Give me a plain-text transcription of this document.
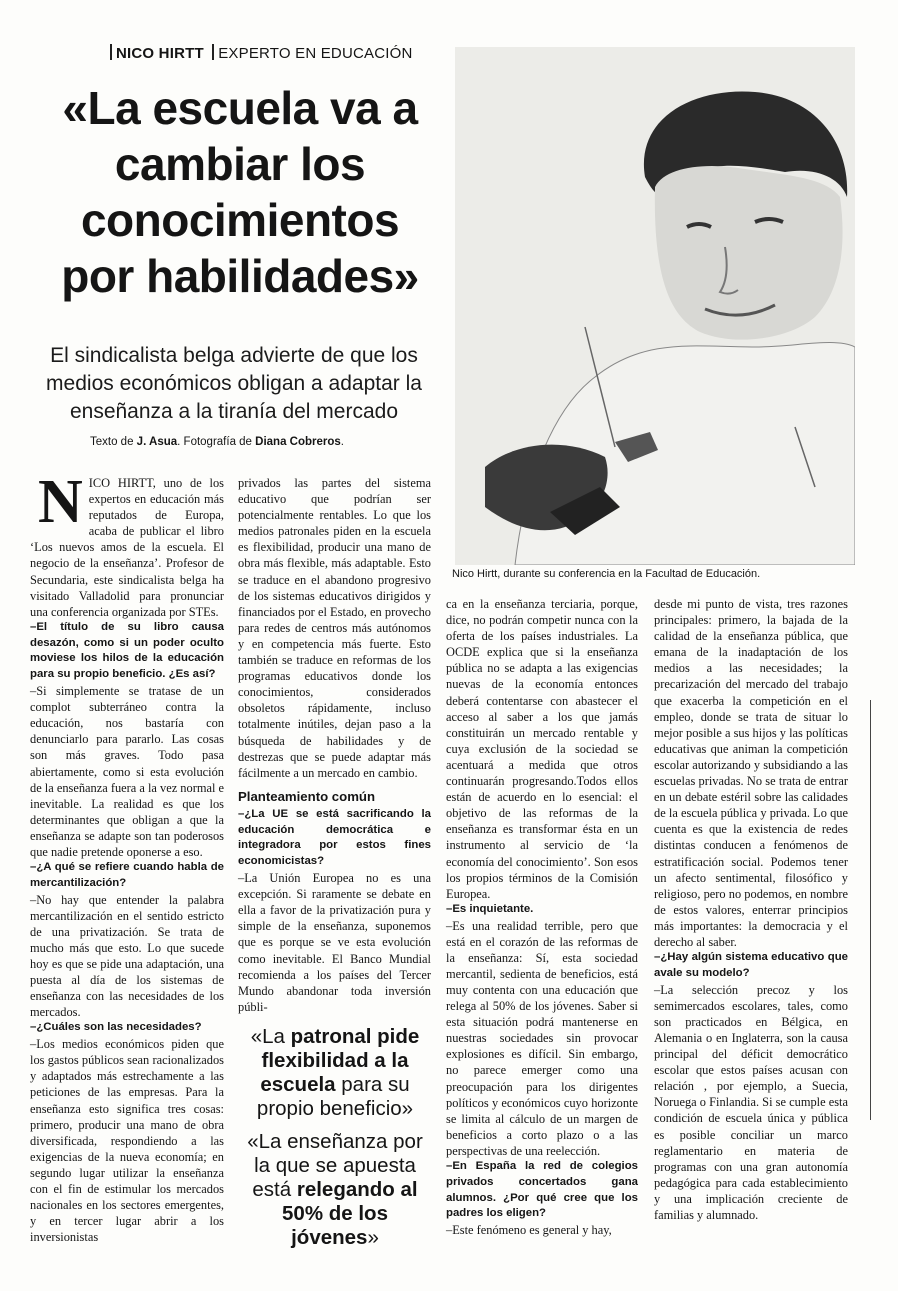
NICO HIRTT EXPERTO EN EDUCACIÓN
«La escuela va a cambiar los conocimientos por habilidades»
El sindicalista belga advierte de que los medios económicos obligan a adaptar la enseñanza a la tiranía del mercado
Texto de J. Asua. Fotografía de Diana Cobreros.
Nico Hirtt, durante su conferencia en la Facultad de Educación.
N ICO HIRTT, uno de los expertos en educación más reputados de Europa, acaba de publicar el libro ‘Los nuevos amos de la escuela. El negocio de la enseñanza’. Profesor de Secundaria, este sindicalista belga ha visitado Valladolid para pronunciar una conferencia organizada por STEs.

–El título de su libro causa desazón, como si un poder oculto moviese los hilos de la educación para su propio beneficio. ¿Es así?

–Si simplemente se tratase de un complot subterráneo contra la educación, nos bastaría con denunciarlo para pararlo. Las cosas son más graves. Todo pasa abiertamente, como si esta evolución de la enseñanza fuera a la vez normal e inevitable. La realidad es que los determinantes que obligan a que la enseñanza se adapte son tan poderosos que nadie pretende oponerse a eso.

–¿A qué se refiere cuando habla de mercantilización?

–No hay que entender la palabra mercantilización en el sentido estricto de una privatización. Se trata de mucho más que esto. Lo que sucede hoy es que se pide una adaptación, una puesta al día de los sistemas de enseñanza con las necesidades de los mercados.

–¿Cuáles son las necesidades?

–Los medios económicos piden que los gastos públicos sean racionalizados y adaptados más estrechamente a las peticiones de las empresas. Para la enseñanza esto significa tres cosas: primero, producir una mano de obra diversificada, respondiendo a las exigencias de la nueva economía; en segundo lugar utilizar la enseñanza con el fin de estimular los mercados nacionales en los sectores emergentes, y en tercer lugar abrir a los inversionistas

privados las partes del sistema educativo que podrían ser potencialmente rentables. Lo que los medios patronales piden en la escuela es flexibilidad, producir una mano de obra más flexible, más adaptable. Esto se traduce en el abandono progresivo de los sistemas educativos dirigidos y financiados por el Estado, en provecho para redes de centros más autónomos y en competencia más fuerte. Esto también se traduce en reformas de los programas educativos donde los conocimientos, considerados obsoletos rápidamente, incluso totalmente inútiles, dejan paso a la búsqueda de habilidades y de destrezas que se puede adaptar más fácilmente a un mercado en cambio.

Planteamiento común

–¿La UE se está sacrificando la educación democrática e integradora por estos fines economicistas?

–La Unión Europea no es una excepción. Si raramente se debate en ella a favor de la privatización pura y simple de la enseñanza, suponemos que es porque se ve esta evolución como inevitable. El Banco Mundial recomienda a los países del Tercer Mundo abandonar toda inversión públi-

«La patronal pide flexibilidad a la escuela para su propio beneficio»
«La enseñanza por la que se apuesta está relegando al 50% de los jóvenes»

ca en la enseñanza terciaria, porque, dice, no podrán competir nunca con la oferta de los países industriales. La OCDE explica que si la enseñanza pública no se adapta a las exigencias nuevas de la economía entonces deberá contentarse con abastecer el acceso al saber a los que jamás constituirán un mercado rentable y cuya exclusión de la sociedad se acentuará a medida que otros continuarán progresando.Todos ellos están de acuerdo en lo esencial: el objetivo de las reformas de la enseñanza es transformar ésta en un instrumento al servicio de ‘la economía del conocimiento’. Son esos los propios términos de la Comisión Europea.

–Es inquietante.

–Es una realidad terrible, pero que está en el corazón de las reformas de la enseñanza: Sí, esta sociedad mercantil, sedienta de beneficios, está muy contenta con una educación que relega al 50% de los jóvenes. Saber si esta situación podrá mantenerse en nuestras sociedades sin provocar explosiones es difícil. Sin embargo, no parece emerger como una preocupación para los dirigentes políticos y económicos cuyo horizonte se limita al cálculo de un margen de beneficios a corto plazo o a las perspectivas de una reelección.

–En España la red de colegios privados concertados gana alumnos. ¿Por qué cree que los padres los eligen?

–Este fenómeno es general y hay,

desde mi punto de vista, tres razones principales: primero, la bajada de la calidad de la enseñanza pública, que emana de la inadaptación de los medios a las necesidades; la precarización del mercado del trabajo que exacerba la competición en el empleo, donde se trata de situar lo mejor posible a sus hijos y las políticas educativas que animan la competición escolar autorizando y subsidiando a las escuelas privadas. No se trata de entrar en un debate estéril sobre las calidades de la escuela pública y privada. Lo que cuenta es que la existencia de redes distintas conducen a fenómenos de estratificación social. Podemos tener un afecto sentimental, filosófico y religioso, pero no podemos, en nombre de estos valores, enterrar principios más importantes: la democracia y el derecho al saber.

–¿Hay algún sistema educativo que avale su modelo?

–La selección precoz y los semimercados escolares, tales, como son practicados en Bélgica, en Alemania o en Inglaterra, son la causa principal del déficit democrático escolar que estos países acusan con relación , por ejemplo, a Suecia, Noruega o Finlandia. Si se cumple esta condición de escuela única y pública es posible conciliar un marco reglamentario en materia de programas con una gran autonomía pedagógica para cada establecimiento y una implicación creciente de familias y alumnado.
